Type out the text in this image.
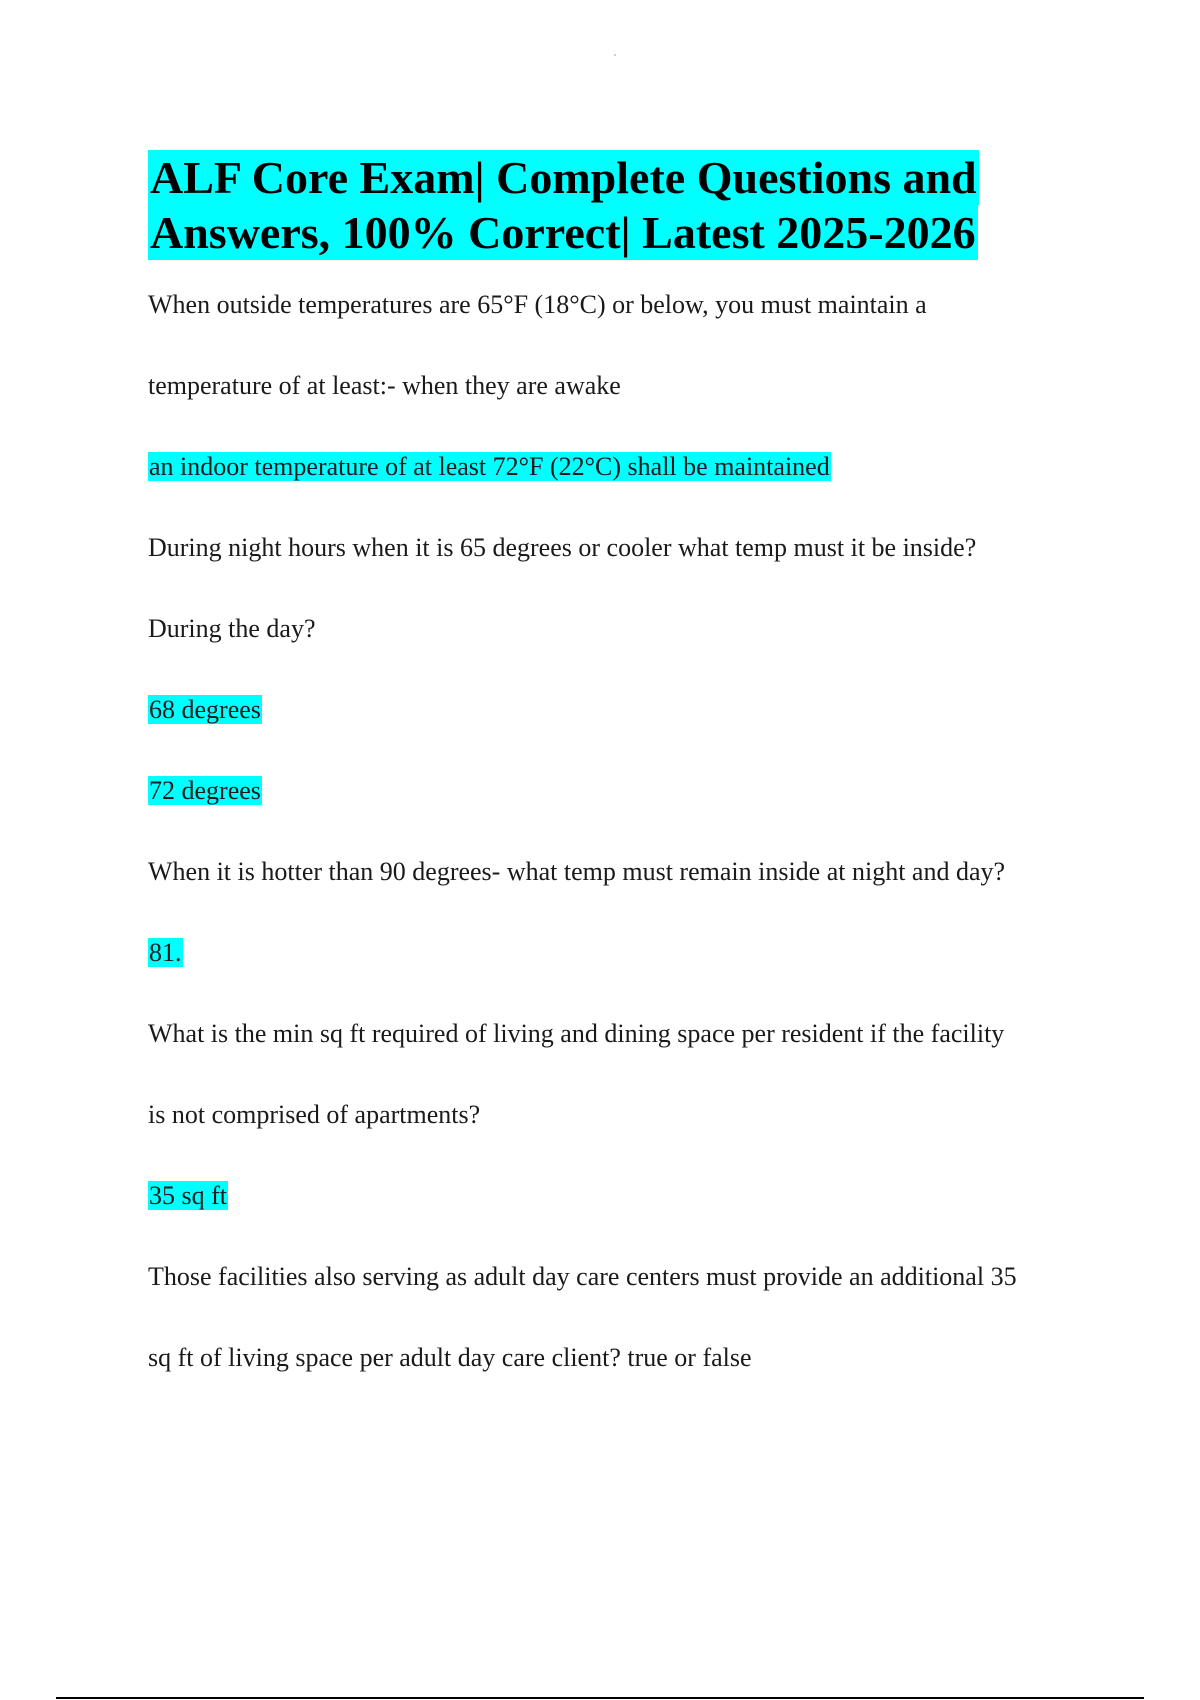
ALF Core Exam| Complete Questions and
Answers, 100% Correct| Latest 2025-2026
When outside temperatures are 65°F (18°C) or below, you must maintain a
temperature of at least:- when they are awake
an indoor temperature of at least 72°F (22°C) shall be maintained
During night hours when it is 65 degrees or cooler what temp must it be inside?
During the day?
68 degrees
72 degrees
When it is hotter than 90 degrees- what temp must remain inside at night and day?
81.
What is the min sq ft required of living and dining space per resident if the facility
is not comprised of apartments?
35 sq ft
Those facilities also serving as adult day care centers must provide an additional 35
sq ft of living space per adult day care client? true or false
